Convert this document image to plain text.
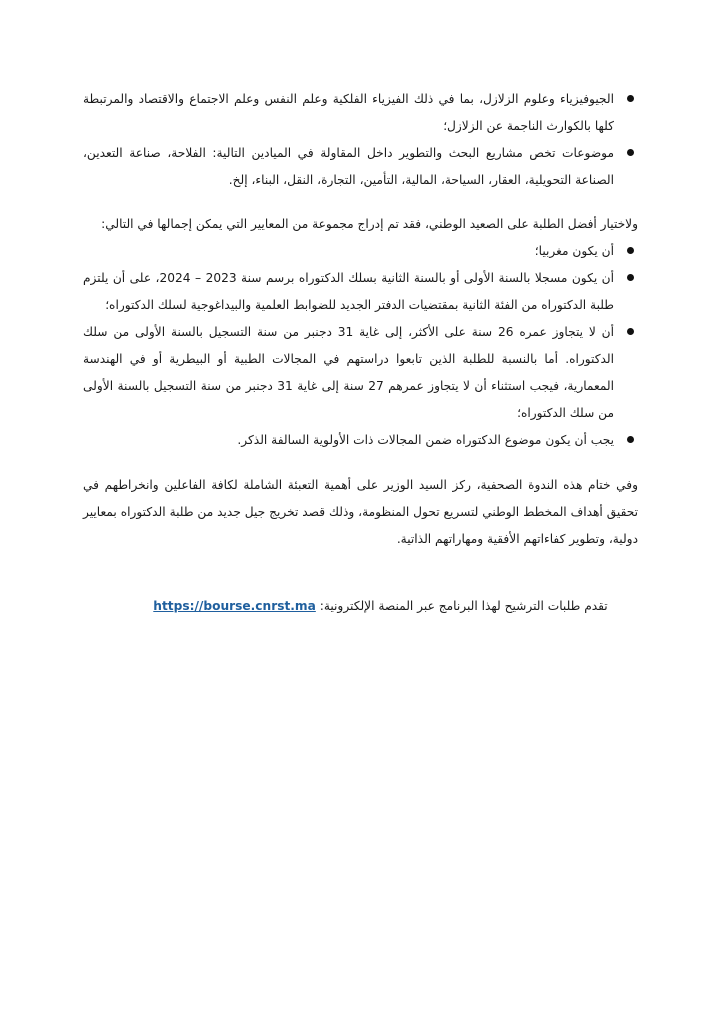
الجيوفيزياء وعلوم الزلازل، بما في ذلك الفيزياء الفلكية وعلم النفس وعلم الاجتماع والاقتصاد والمرتبطة كلها بالكوارث الناجمة عن الزلازل؛
موضوعات تخص مشاريع البحث والتطوير داخل المقاولة في الميادين التالية: الفلاحة، صناعة التعدين، الصناعة التحويلية، العقار، السياحة، المالية، التأمين، التجارة، النقل، البناء، إلخ.

ولاختيار أفضل الطلبة على الصعيد الوطني، فقد تم إدراج مجموعة من المعايير التي يمكن إجمالها في التالي:

أن يكون مغربيا؛
أن يكون مسجلا بالسنة الأولى أو بالسنة الثانية بسلك الدكتوراه برسم سنة 2023 – 2024، على أن يلتزم طلبة الدكتوراه من الفئة الثانية بمقتضيات الدفتر الجديد للضوابط العلمية والبيداغوجية لسلك الدكتوراه؛
أن لا يتجاوز عمره 26 سنة على الأكثر، إلى غاية 31 دجنبر من سنة التسجيل بالسنة الأولى من سلك الدكتوراه. أما بالنسبة للطلبة الذين تابعوا دراستهم في المجالات الطبية أو البيطرية أو في الهندسة المعمارية، فيجب استثناء أن لا يتجاوز عمرهم 27 سنة إلى غاية 31 دجنبر من سنة التسجيل بالسنة الأولى من سلك الدكتوراه؛
يجب أن يكون موضوع الدكتوراه ضمن المجالات ذات الأولوية السالفة الذكر.

وفي ختام هذه الندوة الصحفية، ركز السيد الوزير على أهمية التعبئة الشاملة لكافة الفاعلين وانخراطهم في تحقيق أهداف المخطط الوطني لتسريع تحول المنظومة، وذلك قصد تخريج جيل جديد من طلبة الدكتوراه بمعايير دولية، وتطوير كفاءاتهم الأفقية ومهاراتهم الذاتية.

تقدم طلبات الترشيح لهذا البرنامج عبر المنصة الإلكترونية: https://bourse.cnrst.ma
